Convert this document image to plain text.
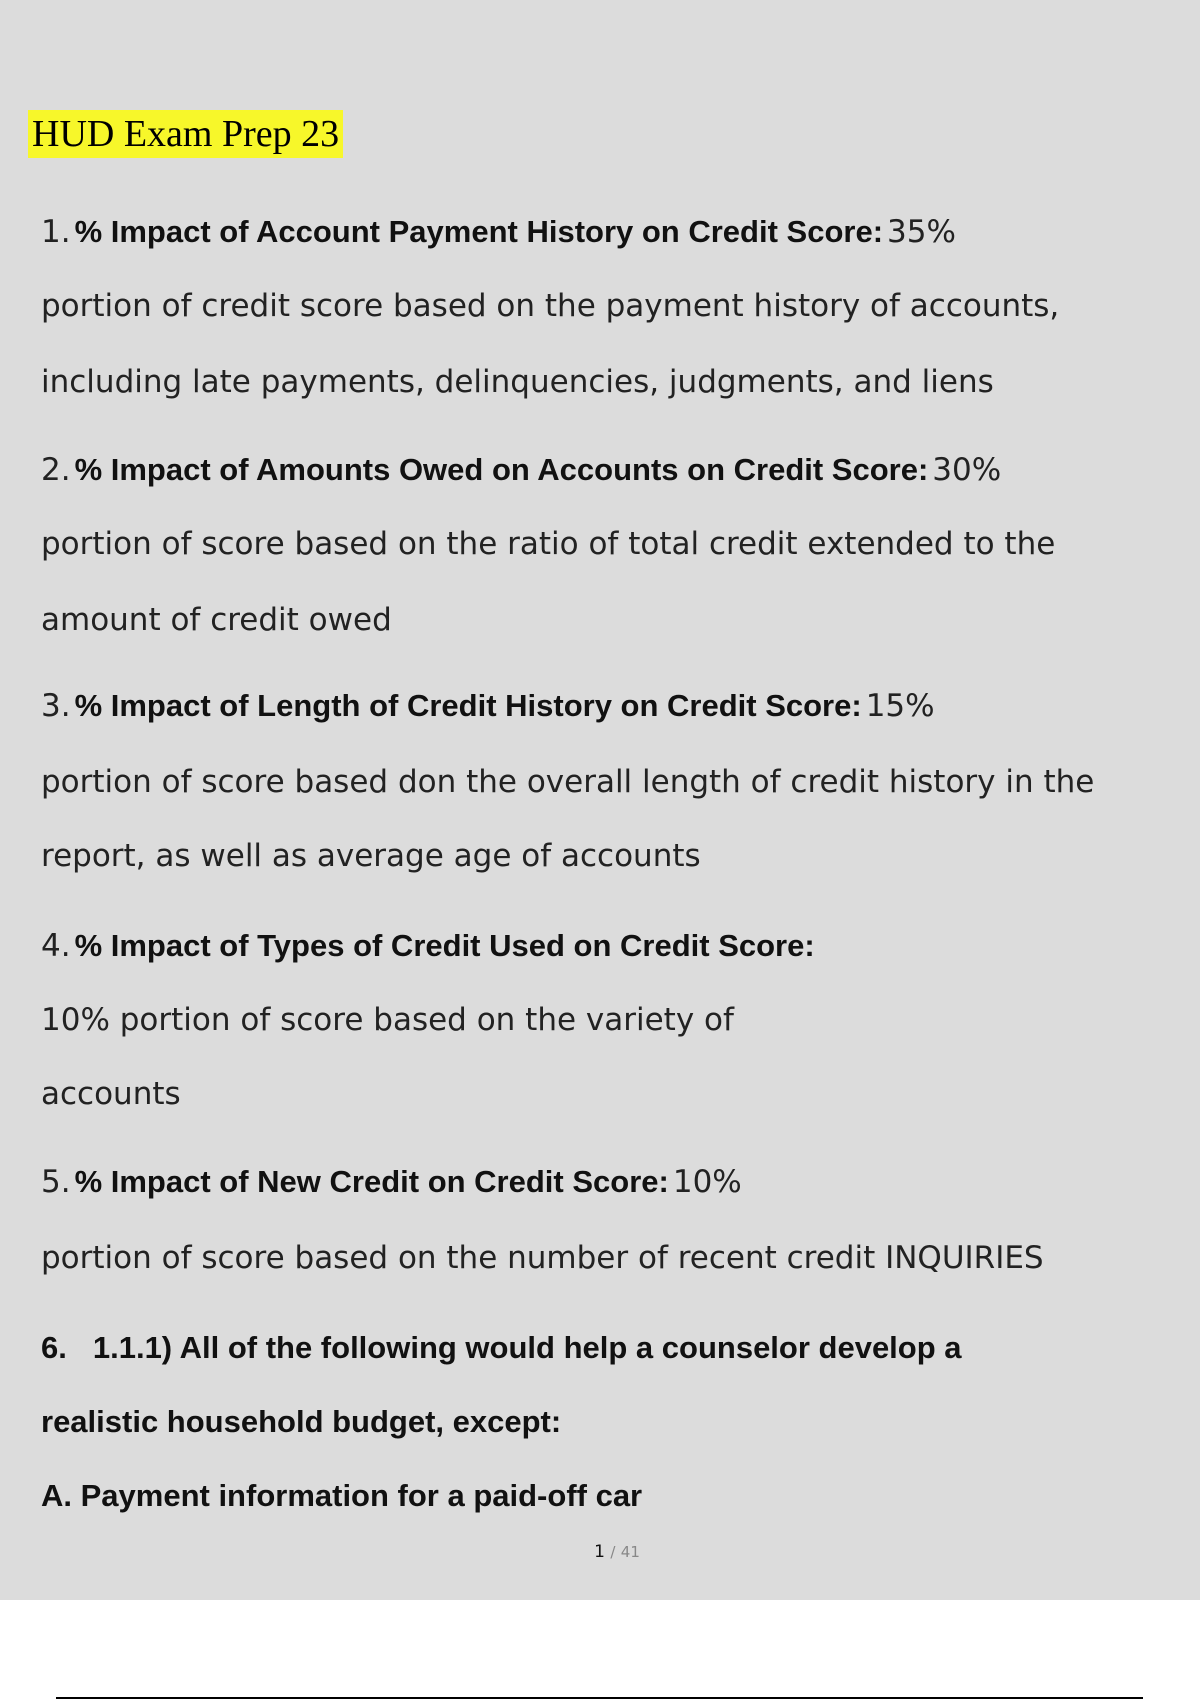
HUD Exam Prep 23
1. % Impact of Account Payment History on Credit Score: 35%
portion of credit score based on the payment history of accounts,
including late payments, delinquencies, judgments, and liens
2. % Impact of Amounts Owed on Accounts on Credit Score: 30%
portion of score based on the ratio of total credit extended to the
amount of credit owed
3. % Impact of Length of Credit History on Credit Score: 15%
portion of score based don the overall length of credit history in the
report, as well as average age of accounts
4. % Impact of Types of Credit Used on Credit Score:
10% portion of score based on the variety of
accounts
5. % Impact of New Credit on Credit Score: 10%
portion of score based on the number of recent credit INQUIRIES
6. 1.1.1) All of the following would help a counselor develop a
realistic household budget, except:
A. Payment information for a paid-off car
1 / 41
